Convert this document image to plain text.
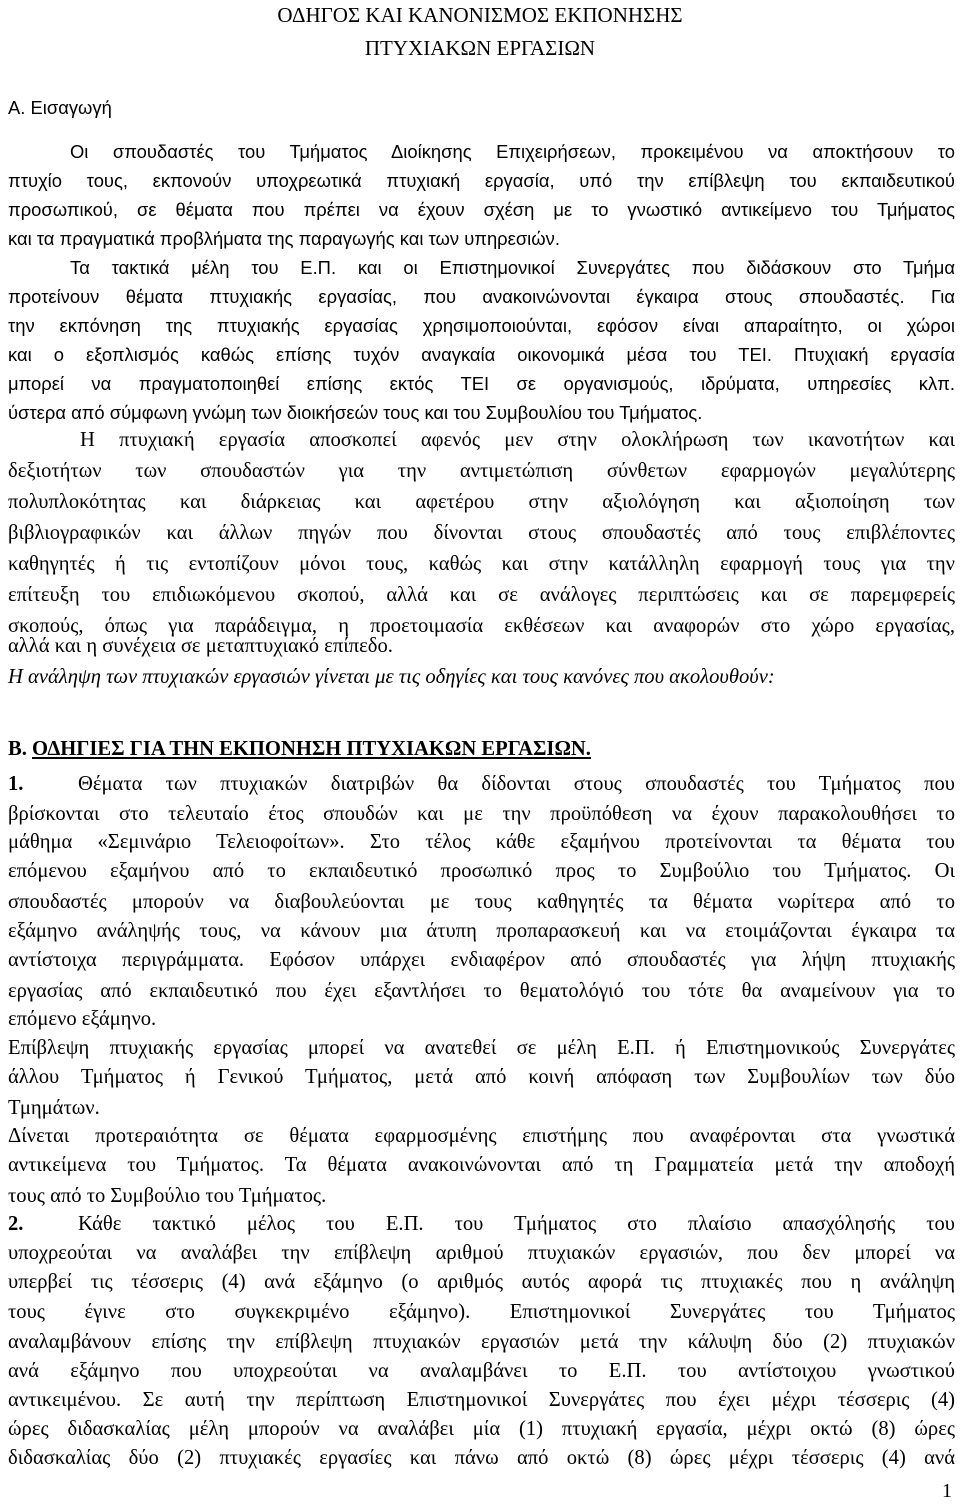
ΟΔΗΓΟΣ ΚΑΙ ΚΑΝΟΝΙΣΜΟΣ ΕΚΠΟΝΗΣΗΣ
ΠΤΥΧΙΑΚΩΝ ΕΡΓΑΣΙΩΝ
Α. Εισαγωγή
Οι σπουδαστές του Τμήματος Διοίκησης Επιχειρήσεων, προκειμένου να αποκτήσουν το
πτυχίο τους, εκπονούν υποχρεωτικά πτυχιακή εργασία, υπό την επίβλεψη του εκπαιδευτικού
προσωπικού, σε θέματα που πρέπει να έχουν σχέση με το γνωστικό αντικείμενο του Τμήματος
και τα πραγματικά προβλήματα της παραγωγής και των υπηρεσιών.
Τα τακτικά μέλη του Ε.Π. και οι Επιστημονικοί Συνεργάτες που διδάσκουν στο Τμήμα
προτείνουν θέματα πτυχιακής εργασίας, που ανακοινώνονται έγκαιρα στους σπουδαστές. Για
την εκπόνηση της πτυχιακής εργασίας χρησιμοποιούνται, εφόσον είναι απαραίτητο, οι χώροι
και ο εξοπλισμός καθώς επίσης τυχόν αναγκαία οικονομικά μέσα του ΤΕΙ. Πτυχιακή εργασία
μπορεί να πραγματοποιηθεί επίσης εκτός ΤΕΙ σε οργανισμούς, ιδρύματα, υπηρεσίες κλπ.
ύστερα από σύμφωνη γνώμη των διοικήσεών τους και του Συμβουλίου του Τμήματος.
Η πτυχιακή εργασία αποσκοπεί αφενός μεν στην ολοκλήρωση των ικανοτήτων και
δεξιοτήτων των σπουδαστών για την αντιμετώπιση σύνθετων εφαρμογών μεγαλύτερης
πολυπλοκότητας και διάρκειας και αφετέρου στην αξιολόγηση και αξιοποίηση των
βιβλιογραφικών και άλλων πηγών που δίνονται στους σπουδαστές από τους επιβλέποντες
καθηγητές ή τις εντοπίζουν μόνοι τους, καθώς και στην κατάλληλη εφαρμογή τους για την
επίτευξη του επιδιωκόμενου σκοπού, αλλά και σε ανάλογες περιπτώσεις και σε παρεμφερείς
σκοπούς, όπως για παράδειγμα, η προετοιμασία εκθέσεων και αναφορών στο χώρο εργασίας,
αλλά και η συνέχεια σε μεταπτυχιακό επίπεδο.
Η ανάληψη των πτυχιακών εργασιών γίνεται με τις οδηγίες και τους κανόνες που ακολουθούν:
Β. ΟΔΗΓΙΕΣ ΓΙΑ ΤΗΝ ΕΚΠΟΝΗΣΗ ΠΤΥΧΙΑΚΩΝ ΕΡΓΑΣΙΩΝ.
1.	Θέματα των πτυχιακών διατριβών θα δίδονται στους σπουδαστές του Τμήματος που
βρίσκονται στο τελευταίο έτος σπουδών και με την προϋπόθεση να έχουν παρακολουθήσει το
μάθημα «Σεμινάριο Τελειοφοίτων». Στο τέλος κάθε εξαμήνου προτείνονται τα θέματα του
επόμενου εξαμήνου από το εκπαιδευτικό προσωπικό προς το Συμβούλιο του Τμήματος. Οι
σπουδαστές μπορούν να διαβουλεύονται με τους καθηγητές τα θέματα νωρίτερα από το
εξάμηνο ανάληψής τους, να κάνουν μια άτυπη προπαρασκευή και να ετοιμάζονται έγκαιρα τα
αντίστοιχα περιγράμματα. Εφόσον υπάρχει ενδιαφέρον από σπουδαστές για λήψη πτυχιακής
εργασίας από εκπαιδευτικό που έχει εξαντλήσει το θεματολόγιό του τότε θα αναμείνουν για το
επόμενο εξάμηνο.
Επίβλεψη πτυχιακής εργασίας μπορεί να ανατεθεί σε μέλη Ε.Π. ή Επιστημονικούς Συνεργάτες
άλλου Τμήματος ή Γενικού Τμήματος, μετά από κοινή απόφαση των Συμβουλίων των δύο
Τμημάτων.
Δίνεται προτεραιότητα σε θέματα εφαρμοσμένης επιστήμης που αναφέρονται στα γνωστικά
αντικείμενα του Τμήματος. Τα θέματα ανακοινώνονται από τη Γραμματεία μετά την αποδοχή
τους από το Συμβούλιο του Τμήματος.
2.	Κάθε τακτικό μέλος του Ε.Π. του Τμήματος στο πλαίσιο απασχόλησής του
υποχρεούται να αναλάβει την επίβλεψη αριθμού πτυχιακών εργασιών, που δεν μπορεί να
υπερβεί τις τέσσερις (4) ανά εξάμηνο (ο αριθμός αυτός αφορά τις πτυχιακές που η ανάληψη
τους έγινε στο συγκεκριμένο εξάμηνο). Επιστημονικοί Συνεργάτες του Τμήματος
αναλαμβάνουν επίσης την επίβλεψη πτυχιακών εργασιών μετά την κάλυψη δύο (2) πτυχιακών
ανά εξάμηνο που υποχρεούται να αναλαμβάνει το Ε.Π. του αντίστοιχου γνωστικού
αντικειμένου. Σε αυτή την περίπτωση Επιστημονικοί Συνεργάτες που έχει μέχρι τέσσερις (4)
ώρες διδασκαλίας μέλη μπορούν να αναλάβει μία (1) πτυχιακή εργασία, μέχρι οκτώ (8) ώρες
διδασκαλίας δύο (2) πτυχιακές εργασίες και πάνω από οκτώ (8) ώρες μέχρι τέσσερις (4) ανά
1
